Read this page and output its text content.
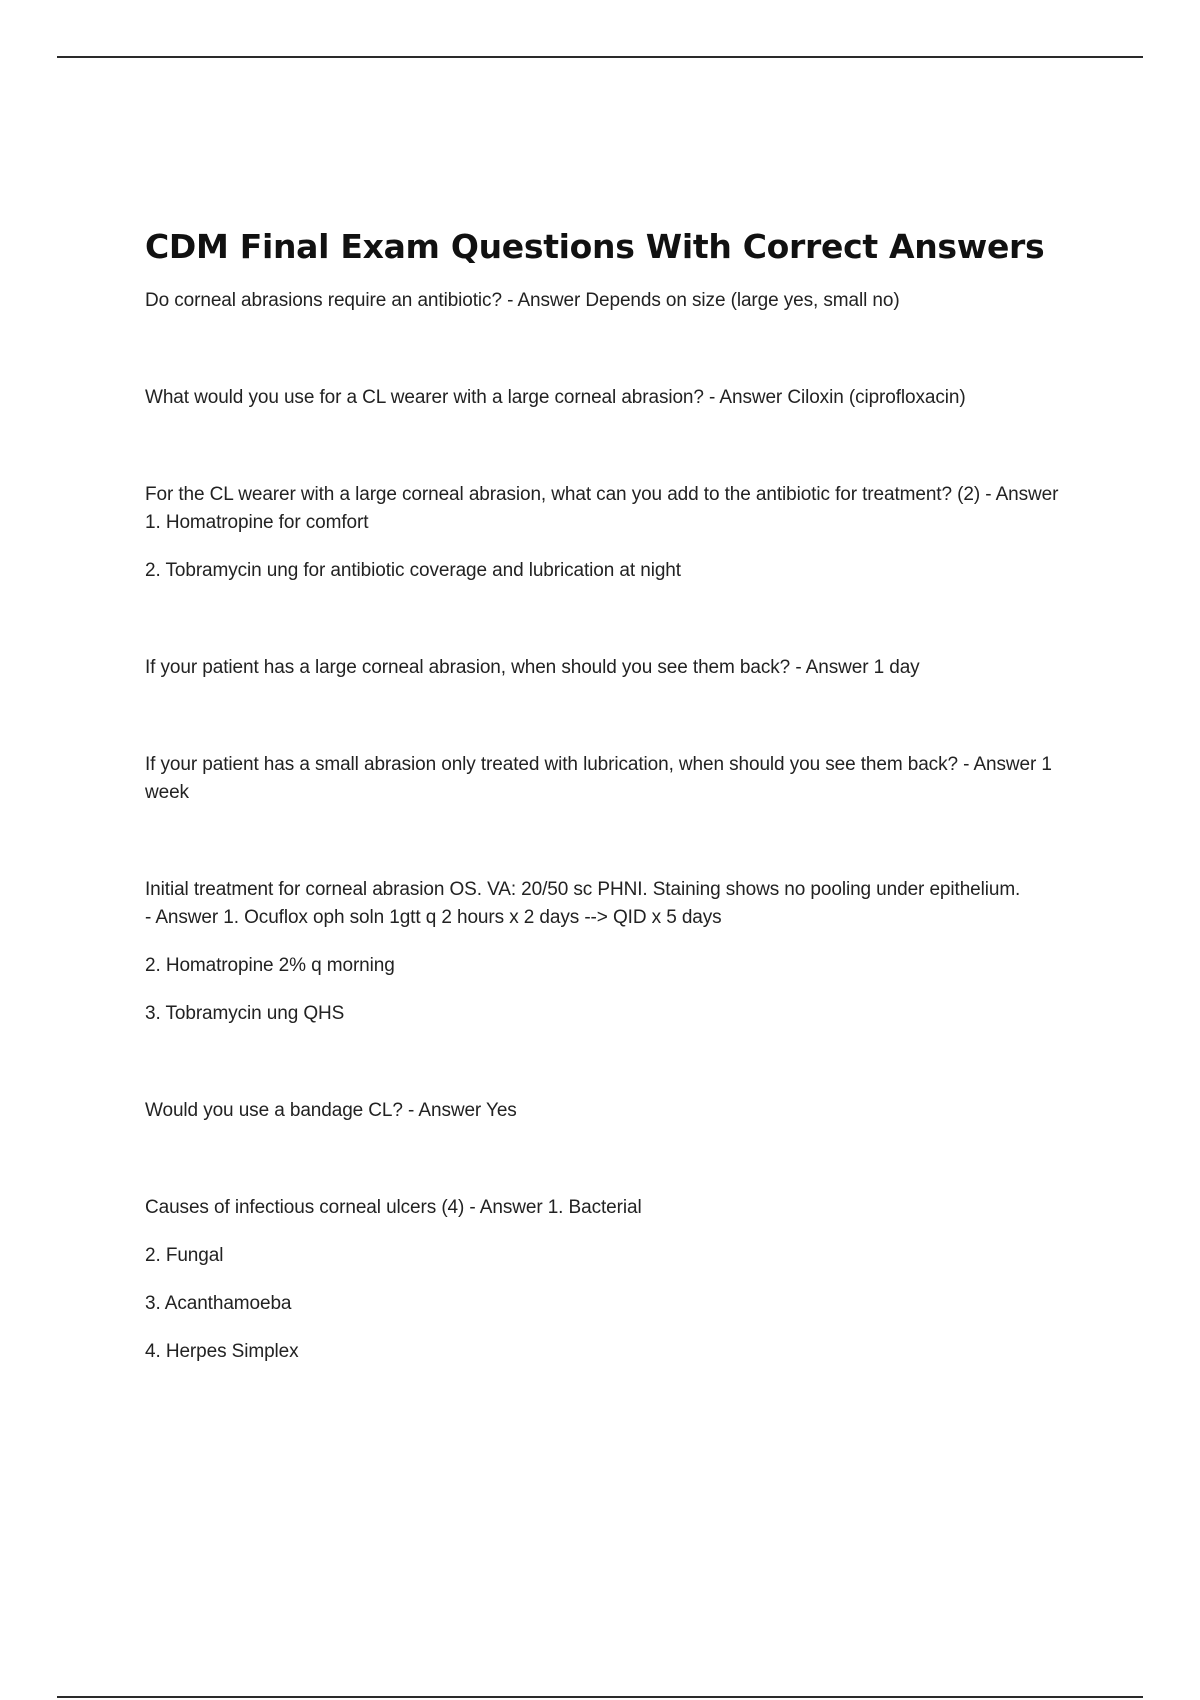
CDM Final Exam Questions With Correct Answers

Do corneal abrasions require an antibiotic? - Answer Depends on size (large yes, small no)

What would you use for a CL wearer with a large corneal abrasion? - Answer Ciloxin (ciprofloxacin)

For the CL wearer with a large corneal abrasion, what can you add to the antibiotic for treatment? (2) - Answer 1. Homatropine for comfort

2. Tobramycin ung for antibiotic coverage and lubrication at night

If your patient has a large corneal abrasion, when should you see them back? - Answer 1 day

If your patient has a small abrasion only treated with lubrication, when should you see them back? - Answer 1 week

Initial treatment for corneal abrasion OS. VA: 20/50 sc PHNI. Staining shows no pooling under epithelium. - Answer 1. Ocuflox oph soln 1gtt q 2 hours x 2 days --> QID x 5 days

2. Homatropine 2% q morning

3. Tobramycin ung QHS

Would you use a bandage CL? - Answer Yes

Causes of infectious corneal ulcers (4) - Answer 1. Bacterial

2. Fungal

3. Acanthamoeba

4. Herpes Simplex
